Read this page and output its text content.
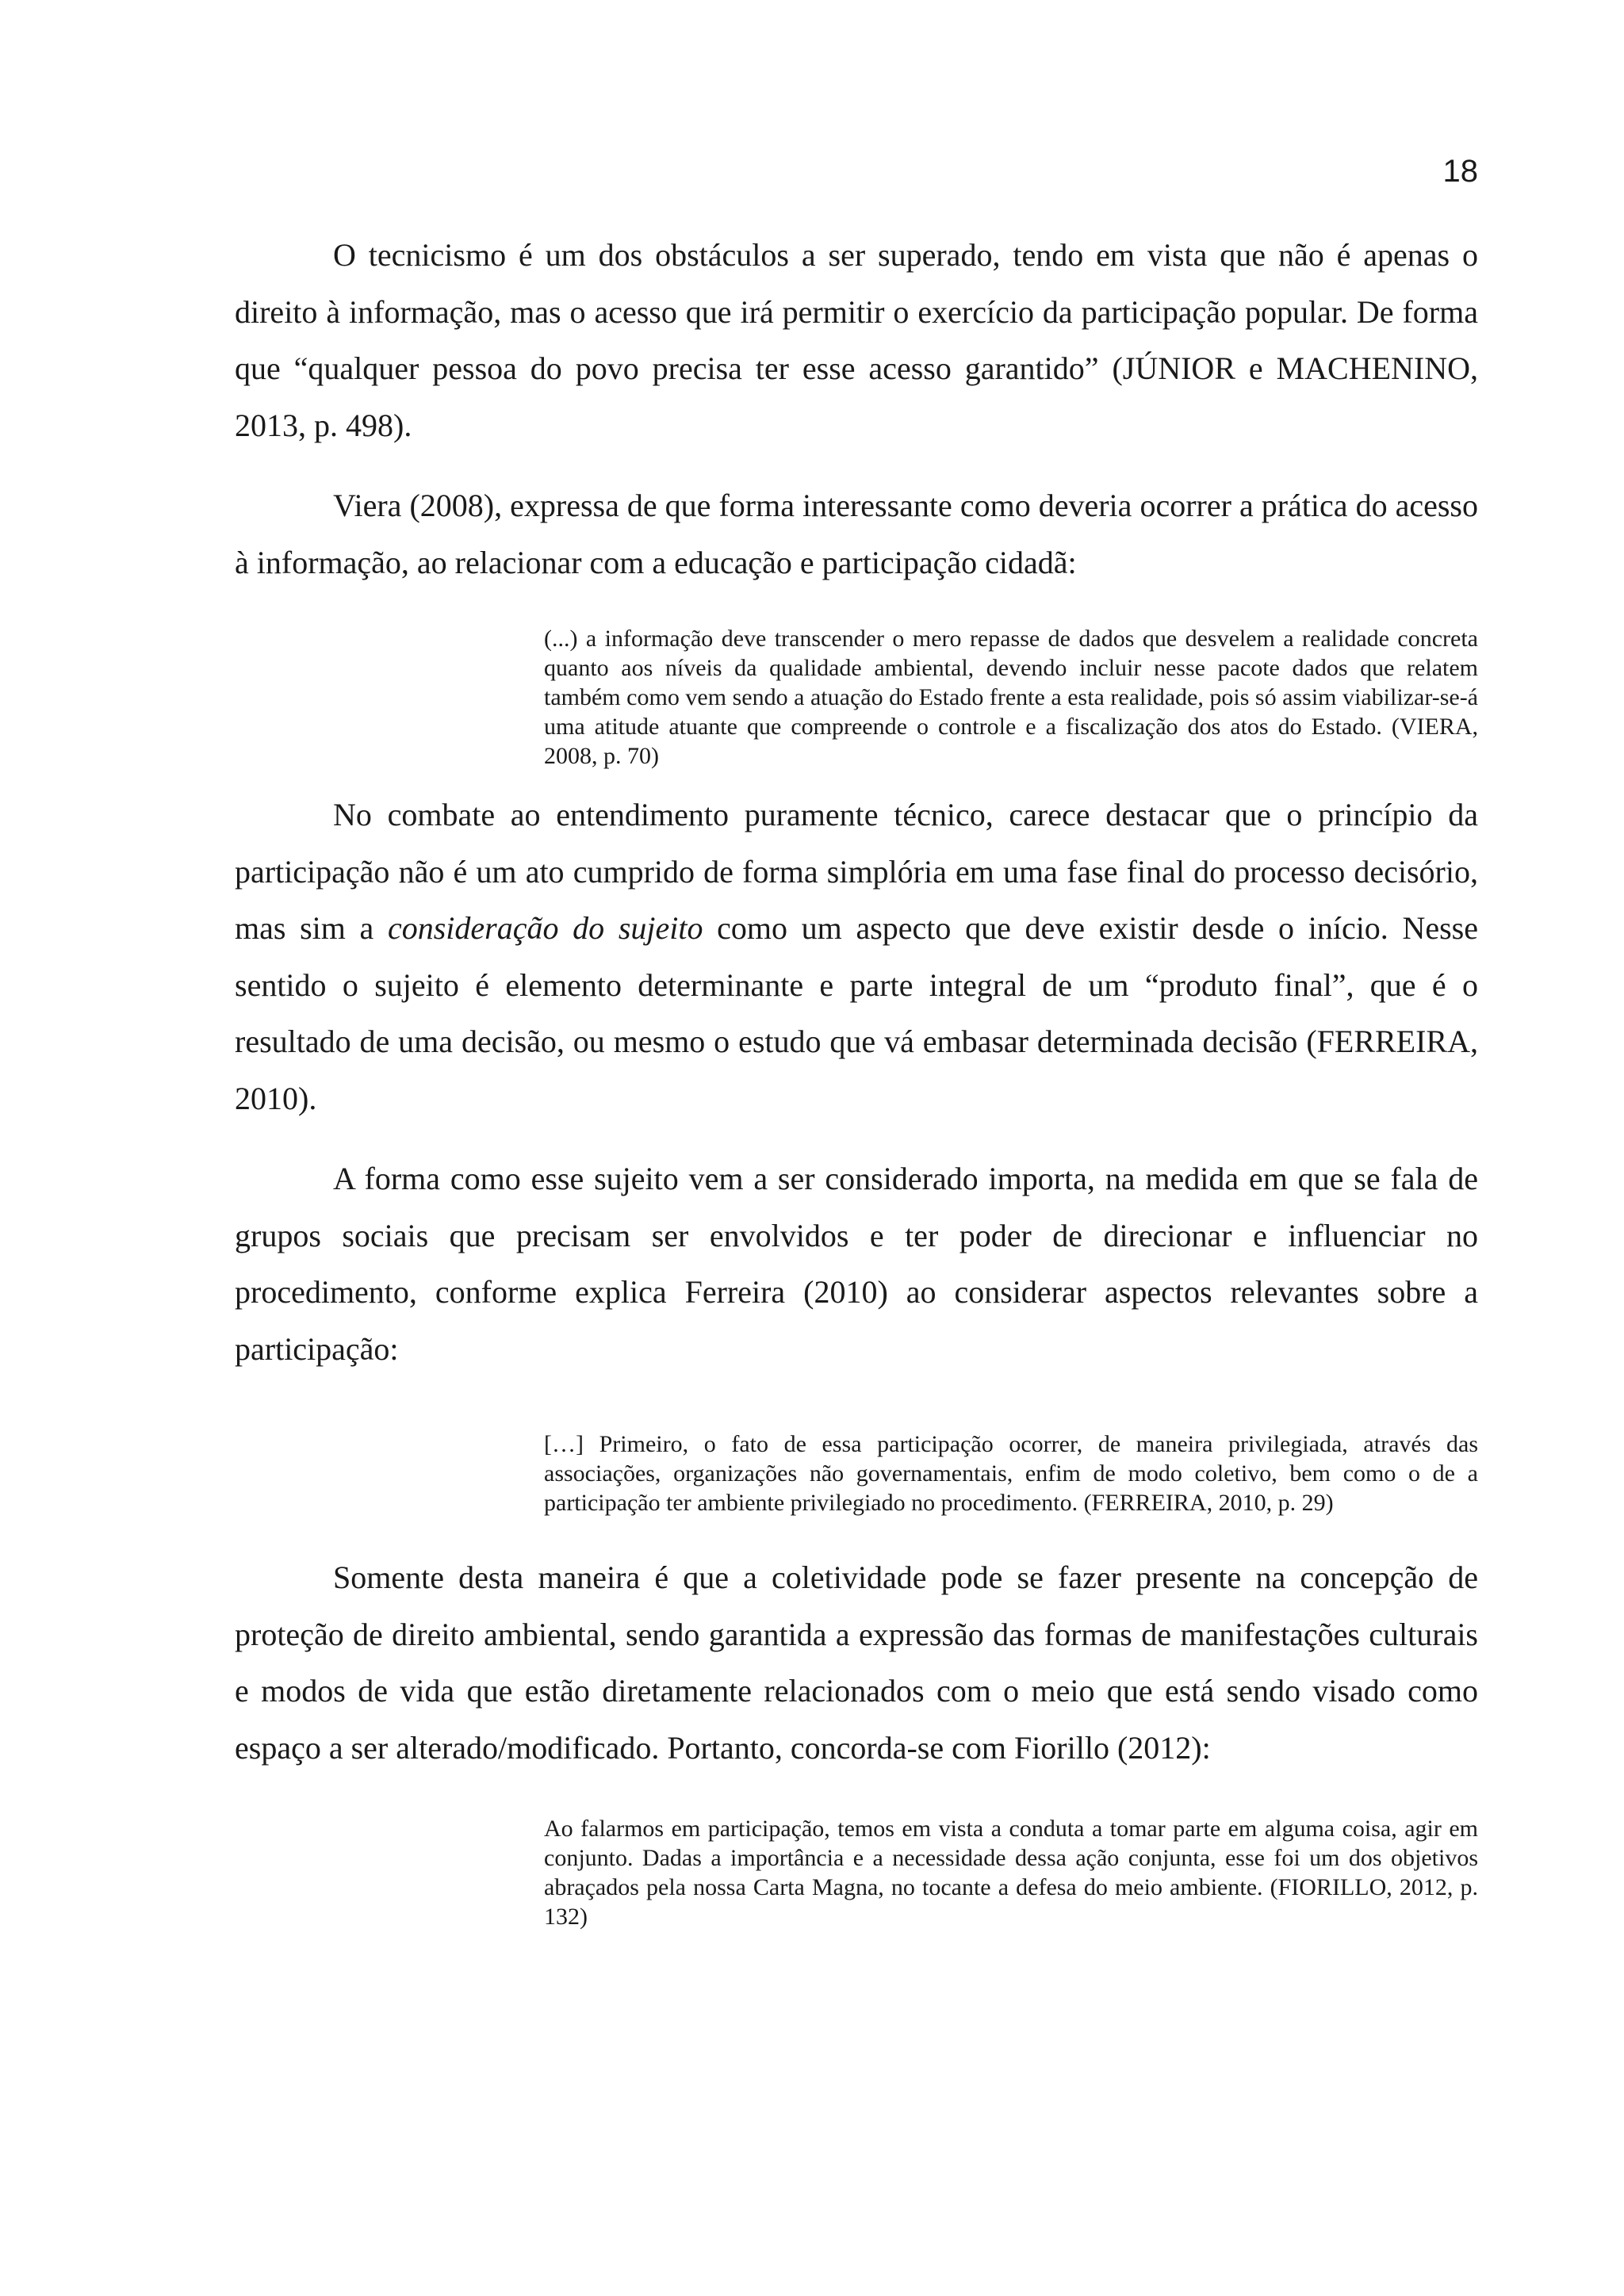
18

O tecnicismo é um dos obstáculos a ser superado, tendo em vista que não é apenas o direito à informação, mas o acesso que irá permitir o exercício da participação popular. De forma que “qualquer pessoa do povo precisa ter esse acesso garantido” (JÚNIOR e MACHENINO, 2013, p. 498).

Viera (2008), expressa de que forma interessante como deveria ocorrer a prática do acesso à informação, ao relacionar com a educação e participação cidadã:

(...) a informação deve transcender o mero repasse de dados que desvelem a realidade concreta quanto aos níveis da qualidade ambiental, devendo incluir nesse pacote dados que relatem também como vem sendo a atuação do Estado frente a esta realidade, pois só assim viabilizar-se-á uma atitude atuante que compreende o controle e a fiscalização dos atos do Estado. (VIERA, 2008, p. 70)

No combate ao entendimento puramente técnico, carece destacar que o princípio da participação não é um ato cumprido de forma simplória em uma fase final do processo decisório, mas sim a consideração do sujeito como um aspecto que deve existir desde o início. Nesse sentido o sujeito é elemento determinante e parte integral de um “produto final”, que é o resultado de uma decisão, ou mesmo o estudo que vá embasar determinada decisão (FERREIRA, 2010).

A forma como esse sujeito vem a ser considerado importa, na medida em que se fala de grupos sociais que precisam ser envolvidos e ter poder de direcionar e influenciar no procedimento, conforme explica Ferreira (2010) ao considerar aspectos relevantes sobre a participação:

[…] Primeiro, o fato de essa participação ocorrer, de maneira privilegiada, através das associações, organizações não governamentais, enfim de modo coletivo, bem como o de a participação ter ambiente privilegiado no procedimento. (FERREIRA, 2010, p. 29)

Somente desta maneira é que a coletividade pode se fazer presente na concepção de proteção de direito ambiental, sendo garantida a expressão das formas de manifestações culturais e modos de vida que estão diretamente relacionados com o meio que está sendo visado como espaço a ser alterado/modificado. Portanto, concorda-se com Fiorillo (2012):

Ao falarmos em participação, temos em vista a conduta a tomar parte em alguma coisa, agir em conjunto. Dadas a importância e a necessidade dessa ação conjunta, esse foi um dos objetivos abraçados pela nossa Carta Magna, no tocante a defesa do meio ambiente. (FIORILLO, 2012, p. 132)
